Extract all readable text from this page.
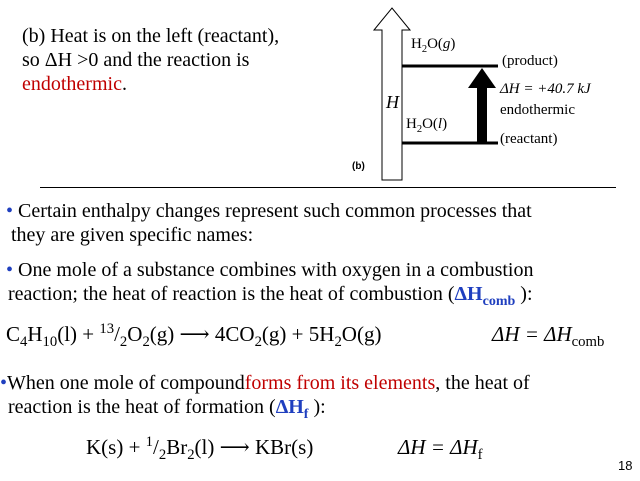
(b) Heat is on the left (reactant),
so ΔH >0 and the reaction is
endothermic.
H
$H_2O(g)$
(product)
$H_2O(l)$
(reactant)
ΔH = +40.7 kJ
endothermic
(b)
• Certain enthalpy changes represent such common processes that
they are given specific names:
• One mole of a substance combines with oxygen in a combustion
reaction; the heat of reaction is the heat of combustion ($\Delta H_{comb}$ ):
$C_4H_{10}(l) + ^{13}/_2O_2(g)$ ⟶ $4CO_2(g) + 5H_2O(g)$	$\Delta H = \Delta H_{comb}$
•When one mole of compoundforms from its elements, the heat of
reaction is the heat of formation ($\Delta H_f$ ):
$K(s) + ^1/_2Br_2(l)$ ⟶ KBr(s)	$\Delta H = \Delta H_f$
18
